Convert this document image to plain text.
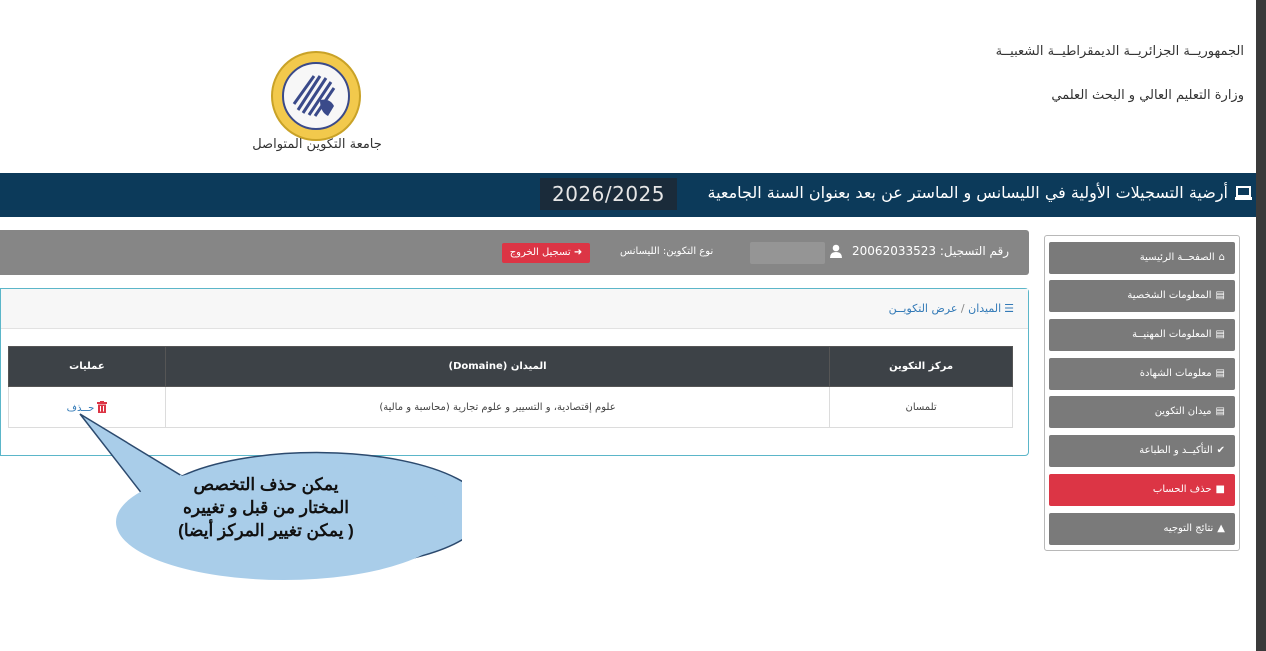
الجمهوريــة الجزائريــة الديمقراطيــة الشعبيــة
وزارة التعليم العالي و البحث العلمي
جامعة التكوين المتواصل
أرضية التسجيلات الأولية في الليسانس و الماستر عن بعد بعنوان السنة الجامعية
2026/2025
رقم التسجيل: 20062033523
نوع التكوين: الليسانس
➜ تسجيل الخروج	⌂الصفحــة الرئيسية
▤المعلومات الشخصية
▤المعلومات المهنيــة
▤معلومات الشهادة
▤ميدان التكوين
✔التأكيــد و الطباعة
■حذف الحساب
▲نتائج التوجيه
☰الميدان / عرض التكويــن
مركز التكوين	الميدان (Domaine)	عمليات
تلمسان	علوم إقتصادية، و التسيير و علوم تجارية (محاسبة و مالية)	حــذف
يمكن حذف التخصص
المختار من قبل و تغييره
( يمكن تغيير المركز أيضا)
